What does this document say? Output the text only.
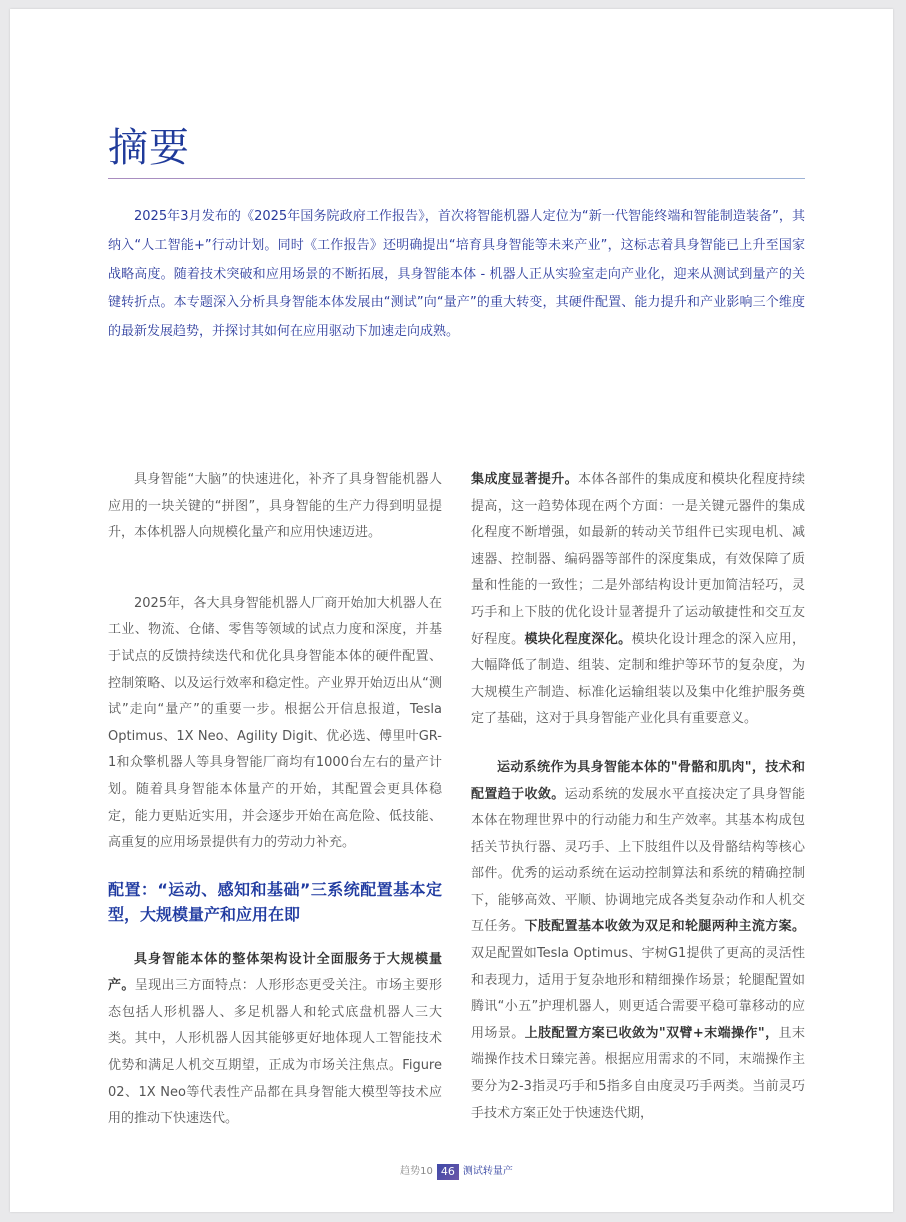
摘要

2025年3月发布的《2025年国务院政府工作报告》，首次将智能机器人定位为“新一代智能终端和智能制造装备”，其纳入“人工智能+”行动计划。同时《工作报告》还明确提出“培育具身智能等未来产业”，这标志着具身智能已上升至国家战略高度。随着技术突破和应用场景的不断拓展，具身智能本体 - 机器人正从实验室走向产业化，迎来从测试到量产的关键转折点。本专题深入分析具身智能本体发展由“测试”向“量产”的重大转变，其硬件配置、能力提升和产业影响三个维度的最新发展趋势，并探讨其如何在应用驱动下加速走向成熟。

具身智能“大脑”的快速进化，补齐了具身智能机器人应用的一块关键的“拼图”，具身智能的生产力得到明显提升，本体机器人向规模化量产和应用快速迈进。

2025年，各大具身智能机器人厂商开始加大机器人在工业、物流、仓储、零售等领域的试点力度和深度，并基于试点的反馈持续迭代和优化具身智能本体的硬件配置、控制策略、以及运行效率和稳定性。产业界开始迈出从“测试”走向“量产”的重要一步。根据公开信息报道，Tesla　Optimus、1X Neo、Agility Digit、优必选、傅里叶GR-1和众擎机器人等具身智能厂商均有1000台左右的量产计划。随着具身智能本体量产的开始，其配置会更具体稳定，能力更贴近实用，并会逐步开始在高危险、低技能、高重复的应用场景提供有力的劳动力补充。

配置：“运动、感知和基础”三系统配置基本定型，大规模量产和应用在即

具身智能本体的整体架构设计全面服务于大规模量产。呈现出三方面特点：人形形态更受关注。市场主要形态包括人形机器人、多足机器人和轮式底盘机器人三大类。其中，人形机器人因其能够更好地体现人工智能技术优势和满足人机交互期望，正成为市场关注焦点。Figure 02、1X Neo等代表性产品都在具身智能大模型等技术应用的推动下快速迭代。

集成度显著提升。本体各部件的集成度和模块化程度持续提高，这一趋势体现在两个方面：一是关键元器件的集成化程度不断增强，如最新的转动关节组件已实现电机、减速器、控制器、编码器等部件的深度集成，有效保障了质量和性能的一致性；二是外部结构设计更加简洁轻巧，灵巧手和上下肢的优化设计显著提升了运动敏捷性和交互友好程度。模块化程度深化。模块化设计理念的深入应用，大幅降低了制造、组装、定制和维护等环节的复杂度，为大规模生产制造、标准化运输组装以及集中化维护服务奠定了基础，这对于具身智能产业化具有重要意义。

运动系统作为具身智能本体的"骨骼和肌肉"，技术和配置趋于收敛。运动系统的发展水平直接决定了具身智能本体在物理世界中的行动能力和生产效率。其基本构成包括关节执行器、灵巧手、上下肢组件以及骨骼结构等核心部件。优秀的运动系统在运动控制算法和系统的精确控制下，能够高效、平顺、协调地完成各类复杂动作和人机交互任务。下肢配置基本收敛为双足和轮腿两种主流方案。双足配置如Tesla Optimus、宇树G1提供了更高的灵活性和表现力，适用于复杂地形和精细操作场景；轮腿配置如腾讯“小五”护理机器人，则更适合需要平稳可靠移动的应用场景。上肢配置方案已收敛为"双臂+末端操作"，且末端操作技术日臻完善。根据应用需求的不同，末端操作主要分为2-3指灵巧手和5指多自由度灵巧手两类。当前灵巧手技术方案正处于快速迭代期，

趋势10 46 测试转量产
